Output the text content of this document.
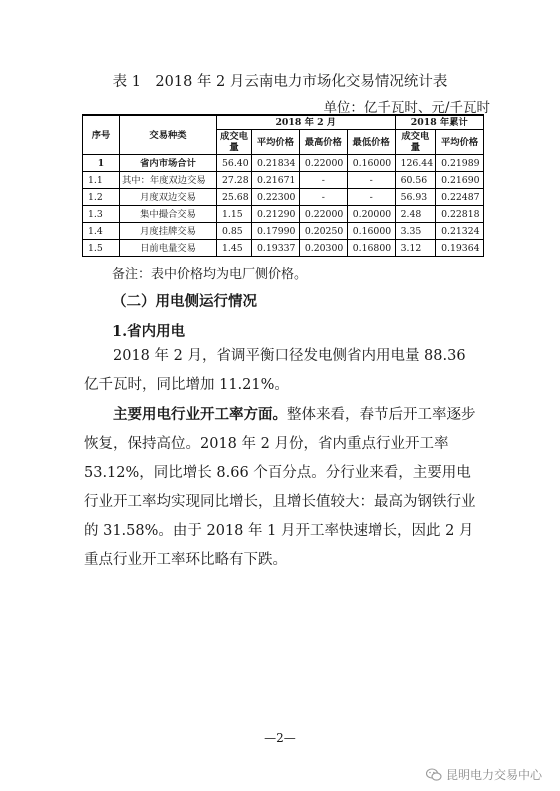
表 1　2018 年 2 月云南电力市场化交易情况统计表
单位：亿千瓦时、元/千瓦时
序号	交易种类	2018 年 2 月				2018 年累计	
		成交电量	平均价格	最高价格	最低价格	成交电量	平均价格
1	省内市场合计	56.40	0.21834	0.22000	0.16000	126.44	0.21989
1.1	其中：年度双边交易	27.28	0.21671	-	-	60.56	0.21690
1.2	月度双边交易	25.68	0.22300	-	-	56.93	0.22487
1.3	集中撮合交易	1.15	0.21290	0.22000	0.20000	2.48	0.22818
1.4	月度挂牌交易	0.85	0.17990	0.20250	0.16000	3.35	0.21324
1.5	日前电量交易	1.45	0.19337	0.20300	0.16800	3.12	0.19364
备注：表中价格均为电厂侧价格。
（二）用电侧运行情况
1.省内用电

2018 年 2 月，省调平衡口径发电侧省内用电量 88.36 亿千瓦时，同比增加 11.21%。

主要用电行业开工率方面。整体来看，春节后开工率逐步恢复，保持高位。2018 年 2 月份，省内重点行业开工率 53.12%，同比增长 8.66 个百分点。分行业来看，主要用电行业开工率均实现同比增长，且增长值较大：最高为钢铁行业的 31.58%。由于 2018 年 1 月开工率快速增长，因此 2 月重点行业开工率环比略有下跌。

—2—
昆明电力交易中心
